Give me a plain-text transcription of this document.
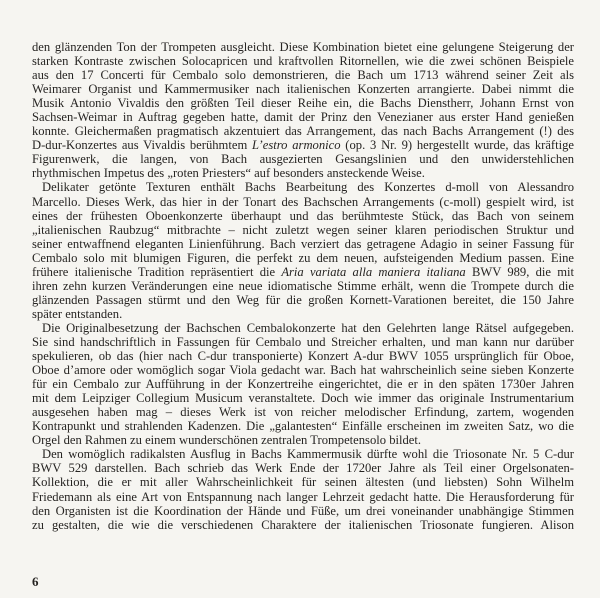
den glänzenden Ton der Trompeten ausgleicht. Diese Kombination bietet eine gelungene Steigerung der
starken Kontraste zwischen Solocapricen und kraftvollen Ritornellen, wie die zwei schönen Beispiele
aus den 17 Concerti für Cembalo solo demonstrieren, die Bach um 1713 während seiner Zeit als
Weimarer Organist und Kammermusiker nach italienischen Konzerten arrangierte. Dabei nimmt die
Musik Antonio Vivaldis den größten Teil dieser Reihe ein, die Bachs Dienstherr, Johann Ernst von
Sachsen-Weimar in Auftrag gegeben hatte, damit der Prinz den Venezianer aus erster Hand genießen
konnte. Gleichermaßen pragmatisch akzentuiert das Arrangement, das nach Bachs Arrangement (!) des
D-dur-Konzertes aus Vivaldis berühmtem L’estro armonico (op. 3 Nr. 9) hergestellt wurde, das kräftige
Figurenwerk, die langen, von Bach ausgezierten Gesangslinien und den unwiderstehlichen
rhythmischen Impetus des „roten Priesters“ auf besonders ansteckende Weise.
Delikater getönte Texturen enthält Bachs Bearbeitung des Konzertes d-moll von Alessandro
Marcello. Dieses Werk, das hier in der Tonart des Bachschen Arrangements (c-moll) gespielt wird, ist
eines der frühesten Oboenkonzerte überhaupt und das berühmteste Stück, das Bach von seinem
„italienischen Raubzug“ mitbrachte – nicht zuletzt wegen seiner klaren periodischen Struktur und
seiner entwaffnend eleganten Linienführung. Bach verziert das getragene Adagio in seiner Fassung für
Cembalo solo mit blumigen Figuren, die perfekt zu dem neuen, aufsteigenden Medium passen. Eine
frühere italienische Tradition repräsentiert die Aria variata alla maniera italiana BWV 989, die mit
ihren zehn kurzen Veränderungen eine neue idiomatische Stimme erhält, wenn die Trompete durch die
glänzenden Passagen stürmt und den Weg für die großen Kornett-Varationen bereitet, die 150 Jahre
später entstanden.
Die Originalbesetzung der Bachschen Cembalokonzerte hat den Gelehrten lange Rätsel aufgegeben.
Sie sind handschriftlich in Fassungen für Cembalo und Streicher erhalten, und man kann nur darüber
spekulieren, ob das (hier nach C-dur transponierte) Konzert A-dur BWV 1055 ursprünglich für Oboe,
Oboe d’amore oder womöglich sogar Viola gedacht war. Bach hat wahrscheinlich seine sieben Konzerte
für ein Cembalo zur Aufführung in der Konzertreihe eingerichtet, die er in den späten 1730er Jahren
mit dem Leipziger Collegium Musicum veranstaltete. Doch wie immer das originale Instrumentarium
ausgesehen haben mag – dieses Werk ist von reicher melodischer Erfindung, zartem, wogenden
Kontrapunkt und strahlenden Kadenzen. Die „galantesten“ Einfälle erscheinen im zweiten Satz, wo die
Orgel den Rahmen zu einem wunderschönen zentralen Trompetensolo bildet.
Den womöglich radikalsten Ausflug in Bachs Kammermusik dürfte wohl die Triosonate Nr. 5 C-dur
BWV 529 darstellen. Bach schrieb das Werk Ende der 1720er Jahre als Teil einer Orgelsonaten-
Kollektion, die er mit aller Wahrscheinlichkeit für seinen ältesten (und liebsten) Sohn Wilhelm
Friedemann als eine Art von Entspannung nach langer Lehrzeit gedacht hatte. Die Herausforderung für
den Organisten ist die Koordination der Hände und Füße, um drei voneinander unabhängige Stimmen
zu gestalten, die wie die verschiedenen Charaktere der italienischen Triosonate fungieren. Alison
6
